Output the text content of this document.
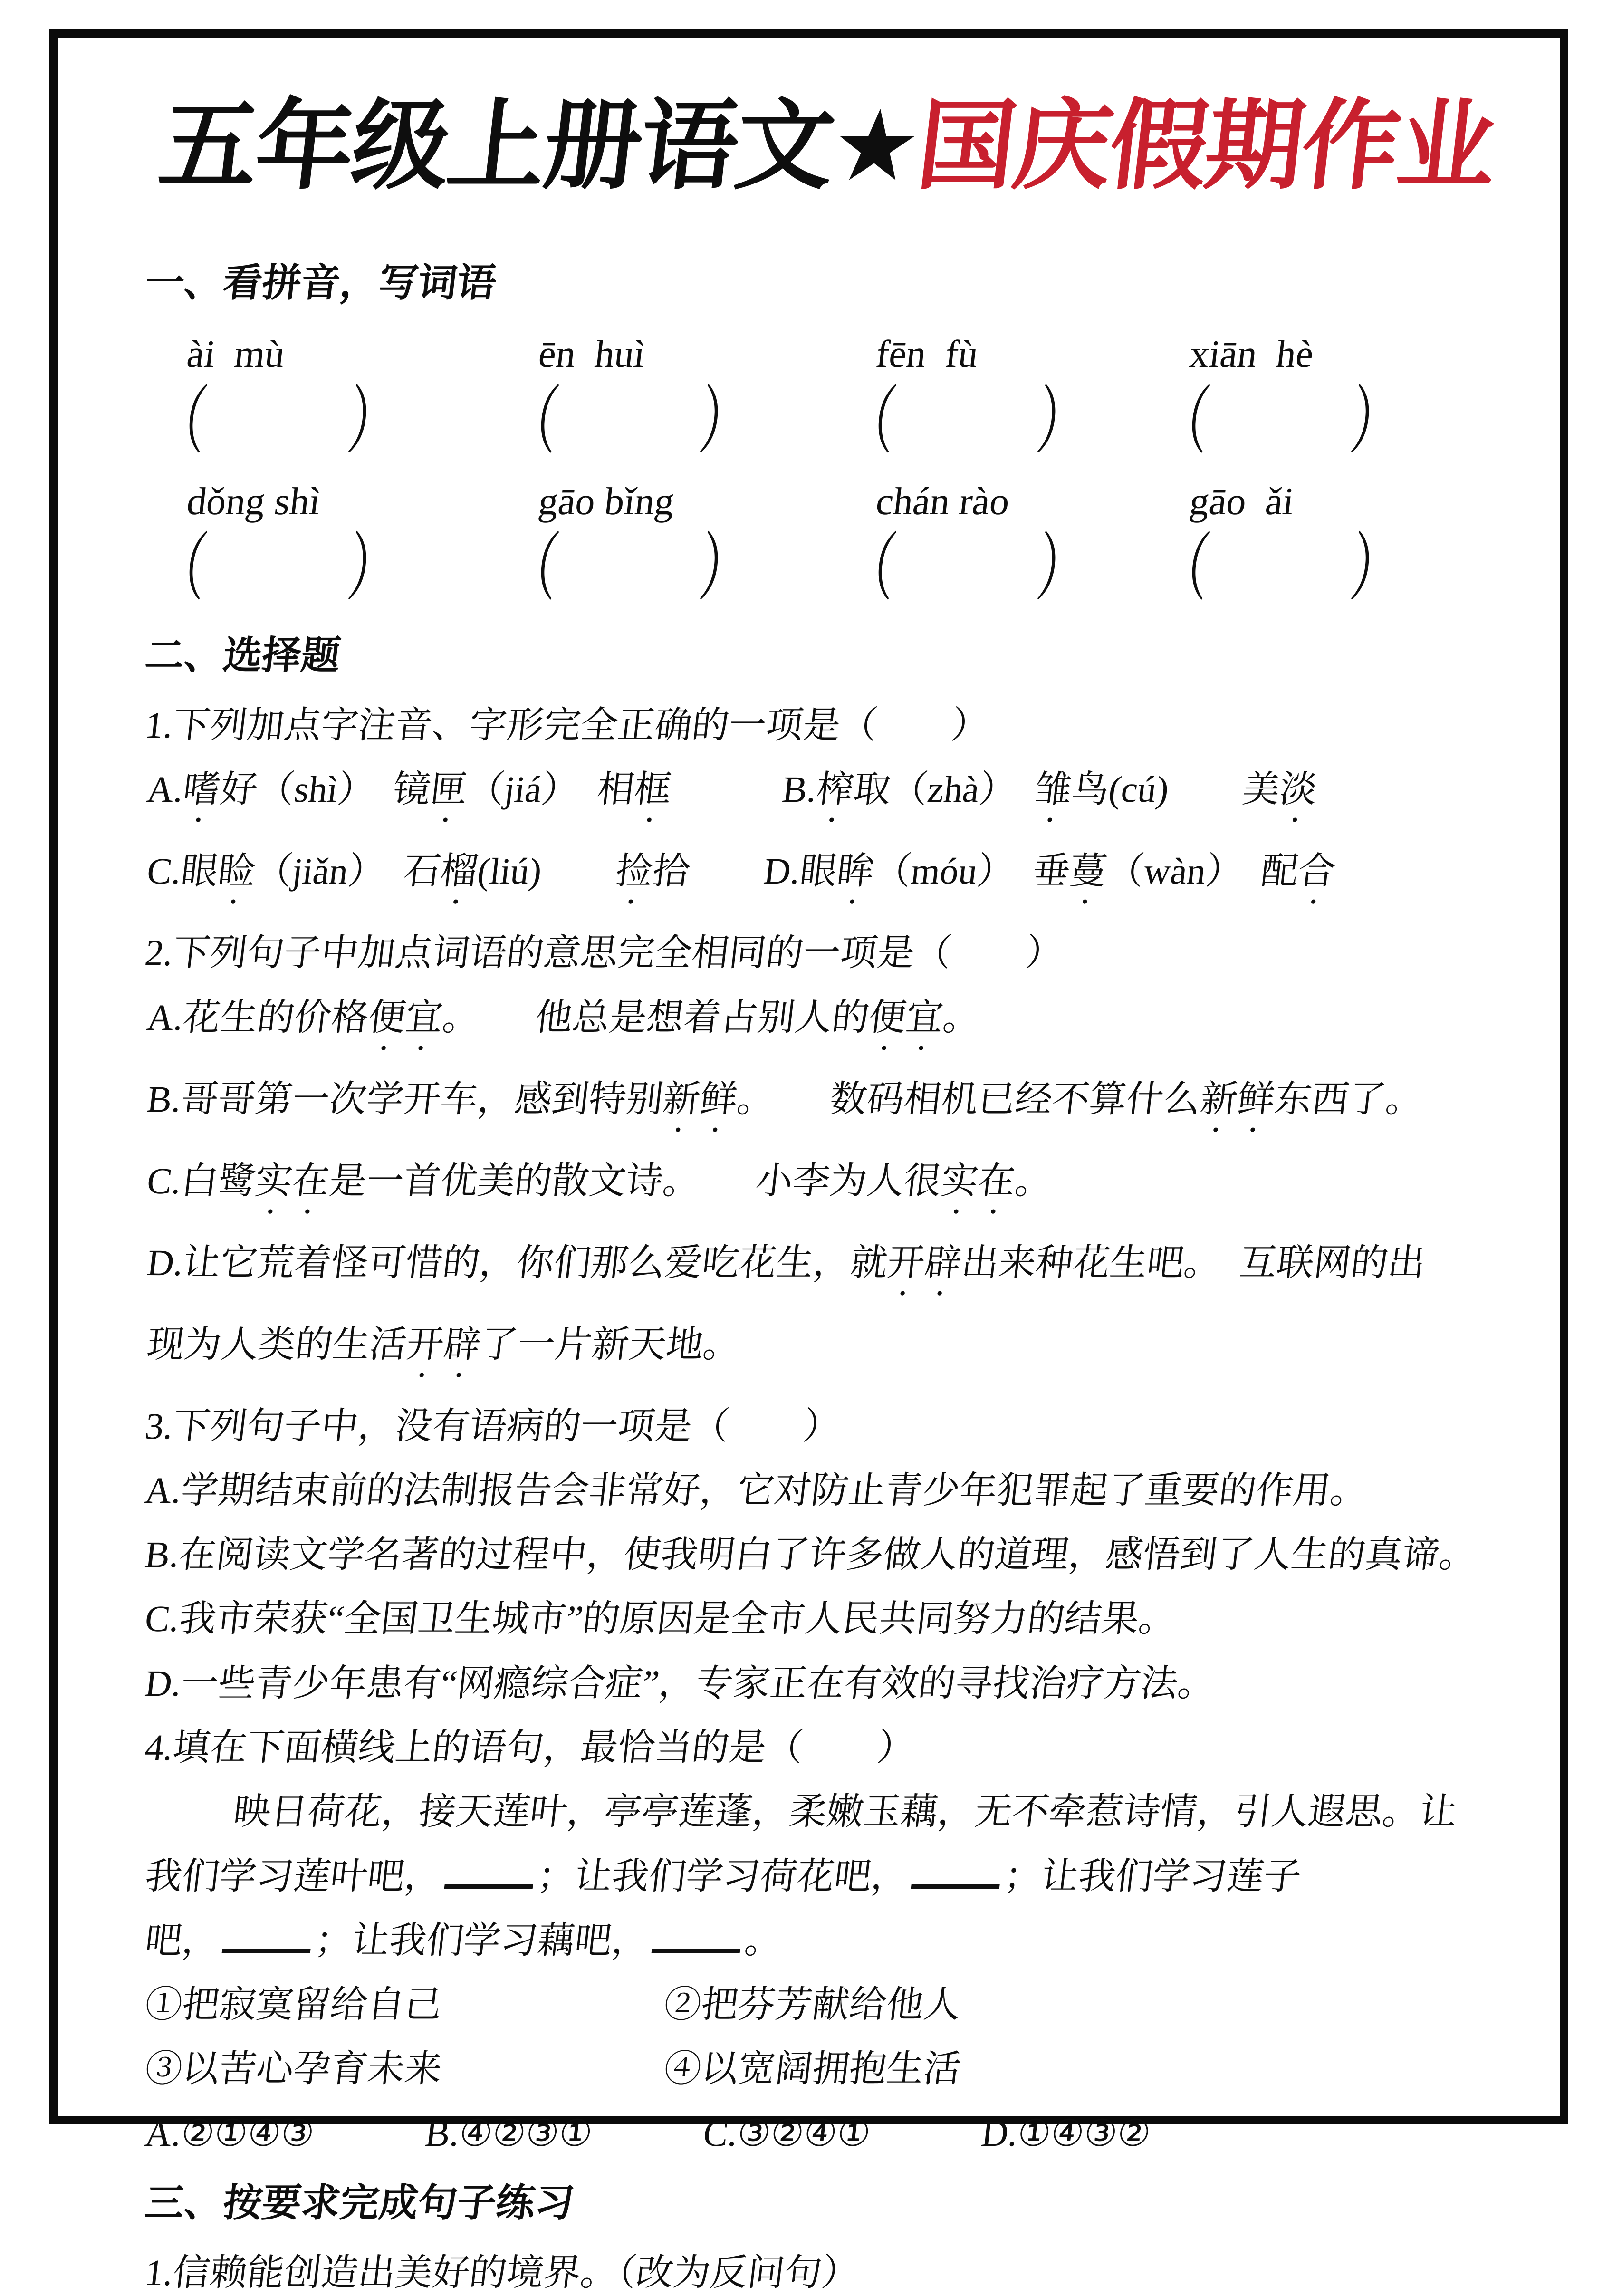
五年级上册语文★国庆假期作业
一、看拼音，写词语
ài  mù	ēn  huì	fēn  fù	xiān  hè
（　　　）	（　　　）	（　　　）	（　　　）
dǒng shì	gāo bǐng	chán rào	gāo  ǎi
（　　　）	（　　　）	（　　　）	（　　　）
二、选择题
1.下列加点字注音、字形完全正确的一项是（　　）
A.嗜好（shì）　镜匣（jiá）　相框　　　B.榨取（zhà）　雏鸟(cú)　　美淡
C.眼睑（jiǎn）　石榴(liú)　　捡拾　　D.眼眸（móu）　垂蔓（wàn）　配合
2.下列句子中加点词语的意思完全相同的一项是（　　）
A.花生的价格便宜。　　他总是想着占别人的便宜。
B.哥哥第一次学开车，感到特别新鲜。　　数码相机已经不算什么新鲜东西了。
C.白鹭实在是一首优美的散文诗。　　小李为人很实在。
D.让它荒着怪可惜的，你们那么爱吃花生，就开辟出来种花生吧。　互联网的出
现为人类的生活开辟了一片新天地。
3.下列句子中，没有语病的一项是（　　）
A.学期结束前的法制报告会非常好，它对防止青少年犯罪起了重要的作用。
B.在阅读文学名著的过程中，使我明白了许多做人的道理，感悟到了人生的真谛。
C.我市荣获“全国卫生城市”的原因是全市人民共同努力的结果。
D.一些青少年患有“网瘾综合症”，专家正在有效的寻找治疗方法。
4.填在下面横线上的语句，最恰当的是（　　）
映日荷花，接天莲叶，亭亭莲蓬，柔嫩玉藕，无不牵惹诗情，引人遐思。让
我们学习莲叶吧， ；让我们学习荷花吧， ；让我们学习莲子
吧， ；让我们学习藕吧， 。
①把寂寞留给自己　　　　　　②把芬芳献给他人
③以苦心孕育未来　　　　　　④以宽阔拥抱生活
A.②①④③　　　B.④②③①　　　C.③②④①　　　D.①④③②
三、按要求完成句子练习
1.信赖能创造出美好的境界。（改为反问句）
